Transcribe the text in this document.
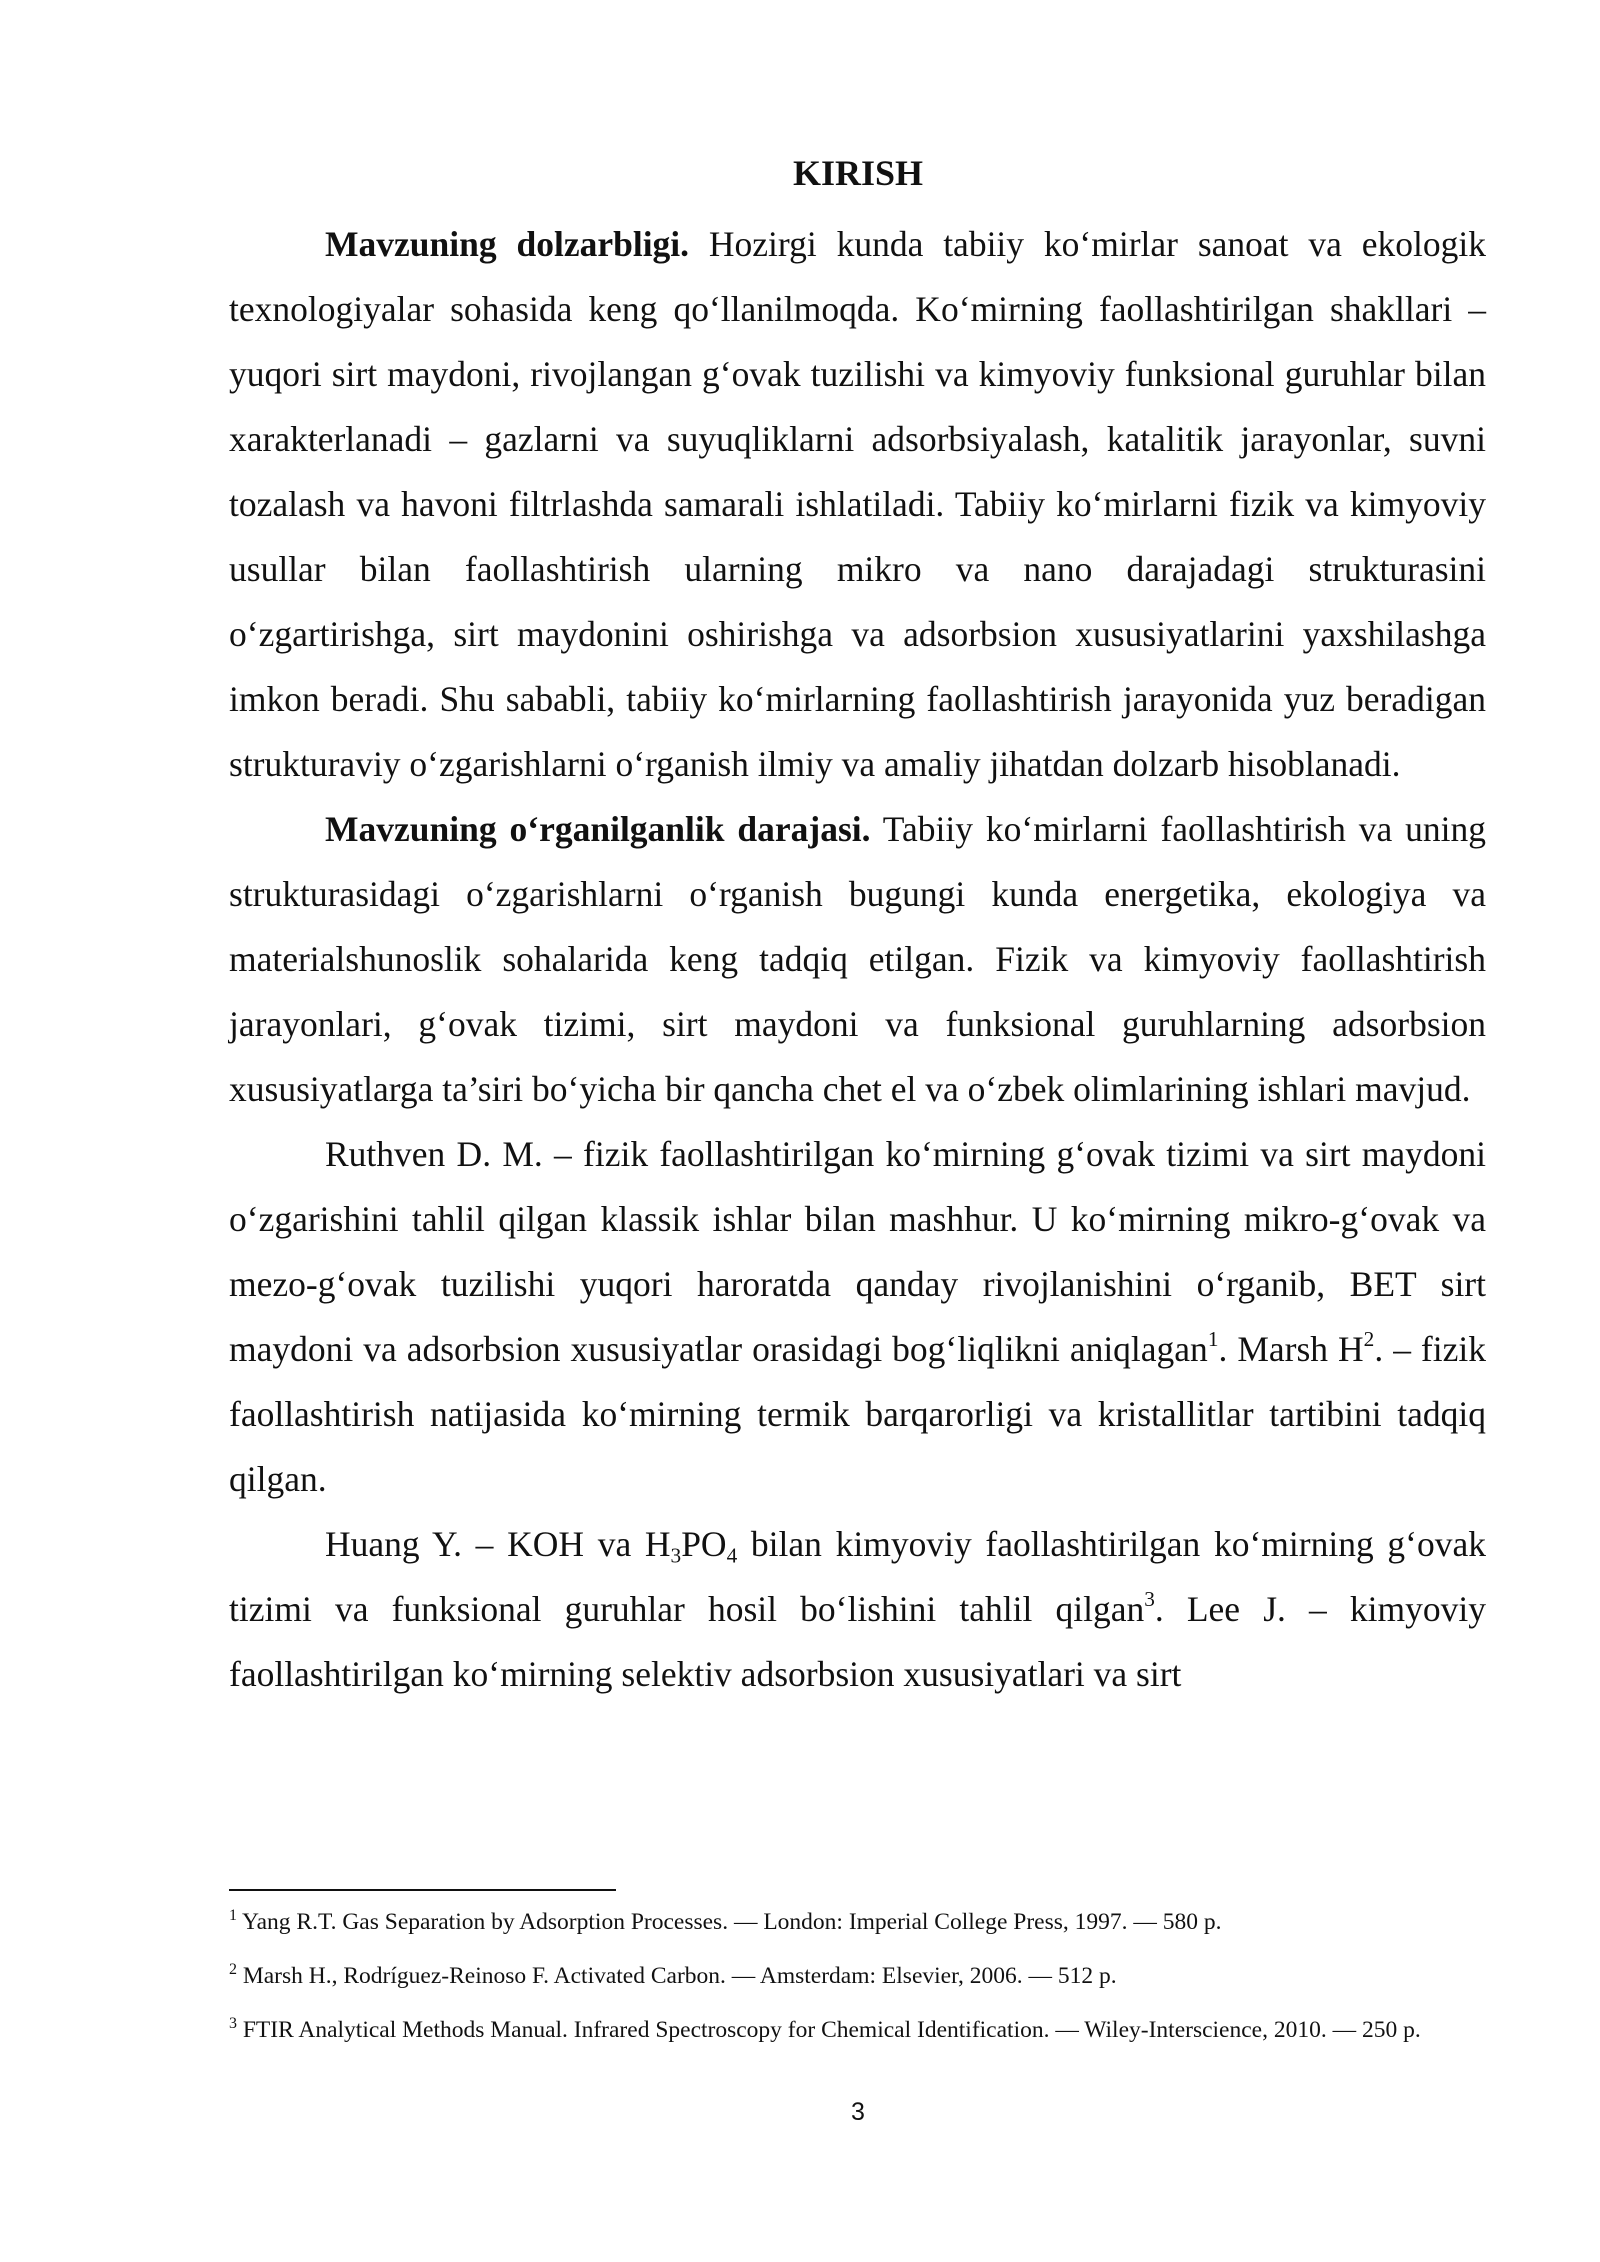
KIRISH

Mavzuning dolzarbligi. Hozirgi kunda tabiiy ko‘mirlar sanoat va ekologik texnologiyalar sohasida keng qo‘llanilmoqda. Ko‘mirning faollashtirilgan shakllari – yuqori sirt maydoni, rivojlangan g‘ovak tuzilishi va kimyoviy funksional guruhlar bilan xarakterlanadi – gazlarni va suyuqliklarni adsorbsiyalash, katalitik jarayonlar, suvni tozalash va havoni filtrlashda samarali ishlatiladi. Tabiiy ko‘mirlarni fizik va kimyoviy usullar bilan faollashtirish ularning mikro va nano darajadagi strukturasini o‘zgartirishga, sirt maydonini oshirishga va adsorbsion xususiyatlarini yaxshilashga imkon beradi. Shu sababli, tabiiy ko‘mirlarning faollashtirish jarayonida yuz beradigan strukturaviy o‘zgarishlarni o‘rganish ilmiy va amaliy jihatdan dolzarb hisoblanadi.

Mavzuning o‘rganilganlik darajasi. Tabiiy ko‘mirlarni faollashtirish va uning strukturasidagi o‘zgarishlarni o‘rganish bugungi kunda energetika, ekologiya va materialshunoslik sohalarida keng tadqiq etilgan. Fizik va kimyoviy faollashtirish jarayonlari, g‘ovak tizimi, sirt maydoni va funksional guruhlarning adsorbsion xususiyatlarga ta’siri bo‘yicha bir qancha chet el va o‘zbek olimlarining ishlari mavjud.

Ruthven D. M. – fizik faollashtirilgan ko‘mirning g‘ovak tizimi va sirt maydoni o‘zgarishini tahlil qilgan klassik ishlar bilan mashhur. U ko‘mirning mikro-g‘ovak va mezo-g‘ovak tuzilishi yuqori haroratda qanday rivojlanishini o‘rganib, BET sirt maydoni va adsorbsion xususiyatlar orasidagi bog‘liqlikni aniqlagan$^1$. Marsh $H^2$. – fizik faollashtirish natijasida ko‘mirning termik barqarorligi va kristallitlar tartibini tadqiq qilgan.

Huang Y. – KOH va $H_3PO_4$ bilan kimyoviy faollashtirilgan ko‘mirning g‘ovak tizimi va funksional guruhlar hosil bo‘lishini tahlil qilgan$^3$. Lee J. – kimyoviy faollashtirilgan ko‘mirning selektiv adsorbsion xususiyatlari va sirt

$^1$ Yang R.T. Gas Separation by Adsorption Processes. — London: Imperial College Press, 1997. — 580 p.

$^2$ Marsh H., Rodríguez-Reinoso F. Activated Carbon. — Amsterdam: Elsevier, 2006. — 512 p.

$^3$ FTIR Analytical Methods Manual. Infrared Spectroscopy for Chemical Identification. — Wiley-Interscience, 2010. — 250 p.

3
